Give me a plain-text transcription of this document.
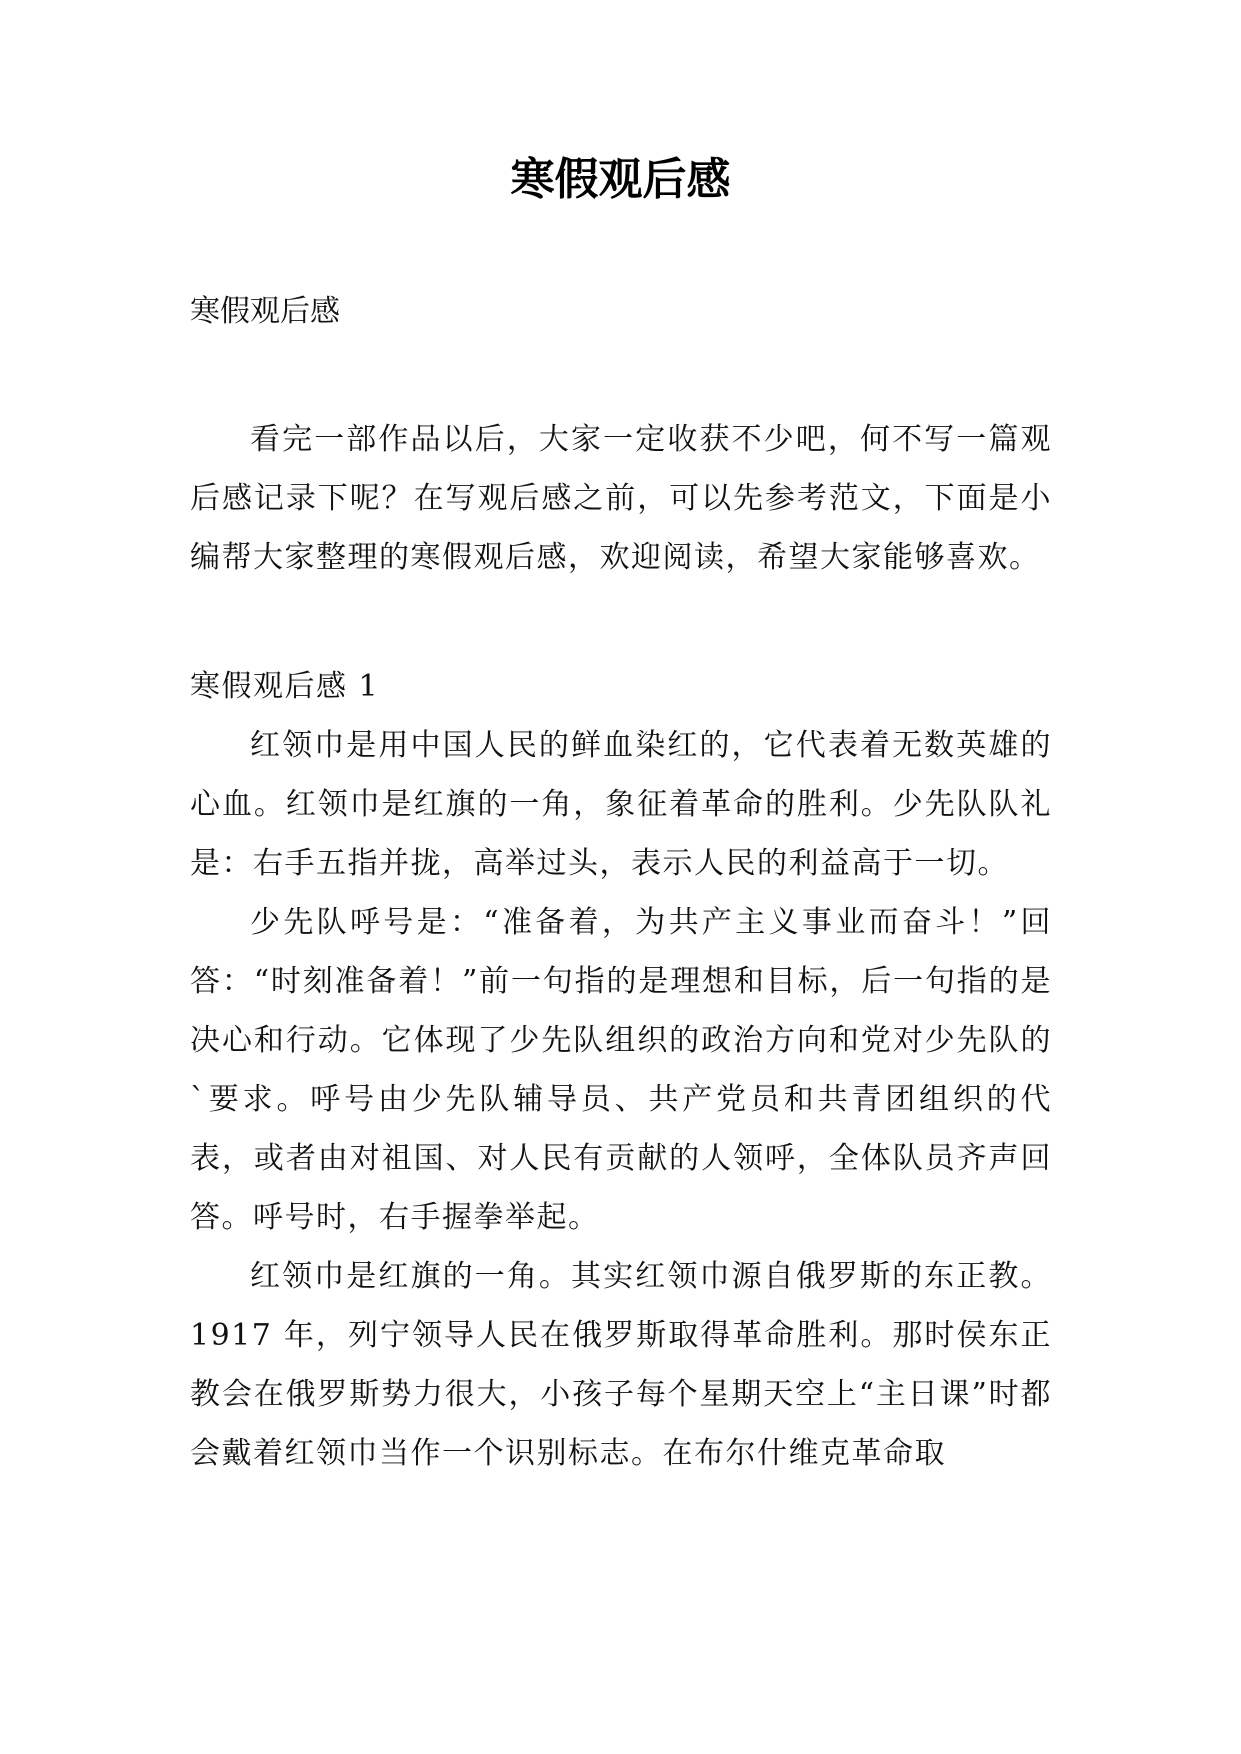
寒假观后感

寒假观后感

看完一部作品以后，大家一定收获不少吧，何不写一篇观后感记录下呢？在写观后感之前，可以先参考范文，下面是小编帮大家整理的寒假观后感，欢迎阅读，希望大家能够喜欢。

寒假观后感 1

红领巾是用中国人民的鲜血染红的，它代表着无数英雄的心血。红领巾是红旗的一角，象征着革命的胜利。少先队队礼是：右手五指并拢，高举过头，表示人民的利益高于一切。

少先队呼号是：“准备着，为共产主义事业而奋斗！”回答：“时刻准备着！”前一句指的是理想和目标，后一句指的是决心和行动。它体现了少先队组织的政治方向和党对少先队的`要求。呼号由少先队辅导员、共产党员和共青团组织的代表，或者由对祖国、对人民有贡献的人领呼，全体队员齐声回答。呼号时，右手握拳举起。

红领巾是红旗的一角。其实红领巾源自俄罗斯的东正教。1917 年，列宁领导人民在俄罗斯取得革命胜利。那时侯东正教会在俄罗斯势力很大，小孩子每个星期天空上“主日课”时都会戴着红领巾当作一个识别标志。在布尔什维克革命取
